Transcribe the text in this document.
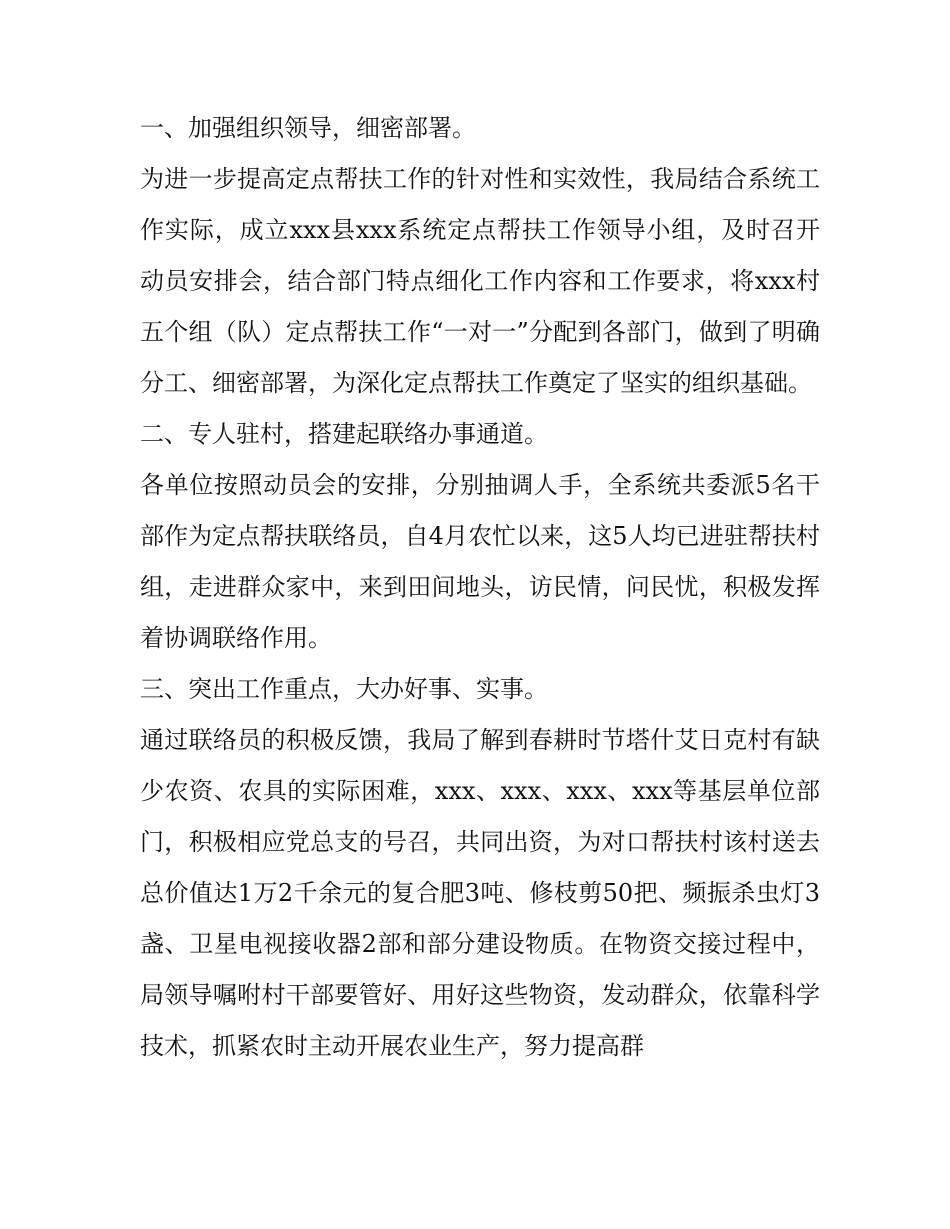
一、加强组织领导，细密部署。

为进一步提高定点帮扶工作的针对性和实效性，我局结合系统工作实际，成立xxx县xxx系统定点帮扶工作领导小组，及时召开动员安排会，结合部门特点细化工作内容和工作要求，将xxx村五个组（队）定点帮扶工作“一对一”分配到各部门，做到了明确分工、细密部署，为深化定点帮扶工作奠定了坚实的组织基础。

二、专人驻村，搭建起联络办事通道。

各单位按照动员会的安排，分别抽调人手，全系统共委派5名干部作为定点帮扶联络员，自4月农忙以来，这5人均已进驻帮扶村组，走进群众家中，来到田间地头，访民情，问民忧，积极发挥着协调联络作用。

三、突出工作重点，大办好事、实事。

通过联络员的积极反馈，我局了解到春耕时节塔什艾日克村有缺少农资、农具的实际困难，xxx、xxx、xxx、xxx等基层单位部门，积极相应党总支的号召，共同出资，为对口帮扶村该村送去总价值达1万2千余元的复合肥3吨、修枝剪50把、频振杀虫灯3盏、卫星电视接收器2部和部分建设物质。在物资交接过程中，局领导嘱咐村干部要管好、用好这些物资，发动群众，依靠科学技术，抓紧农时主动开展农业生产，努力提高群
